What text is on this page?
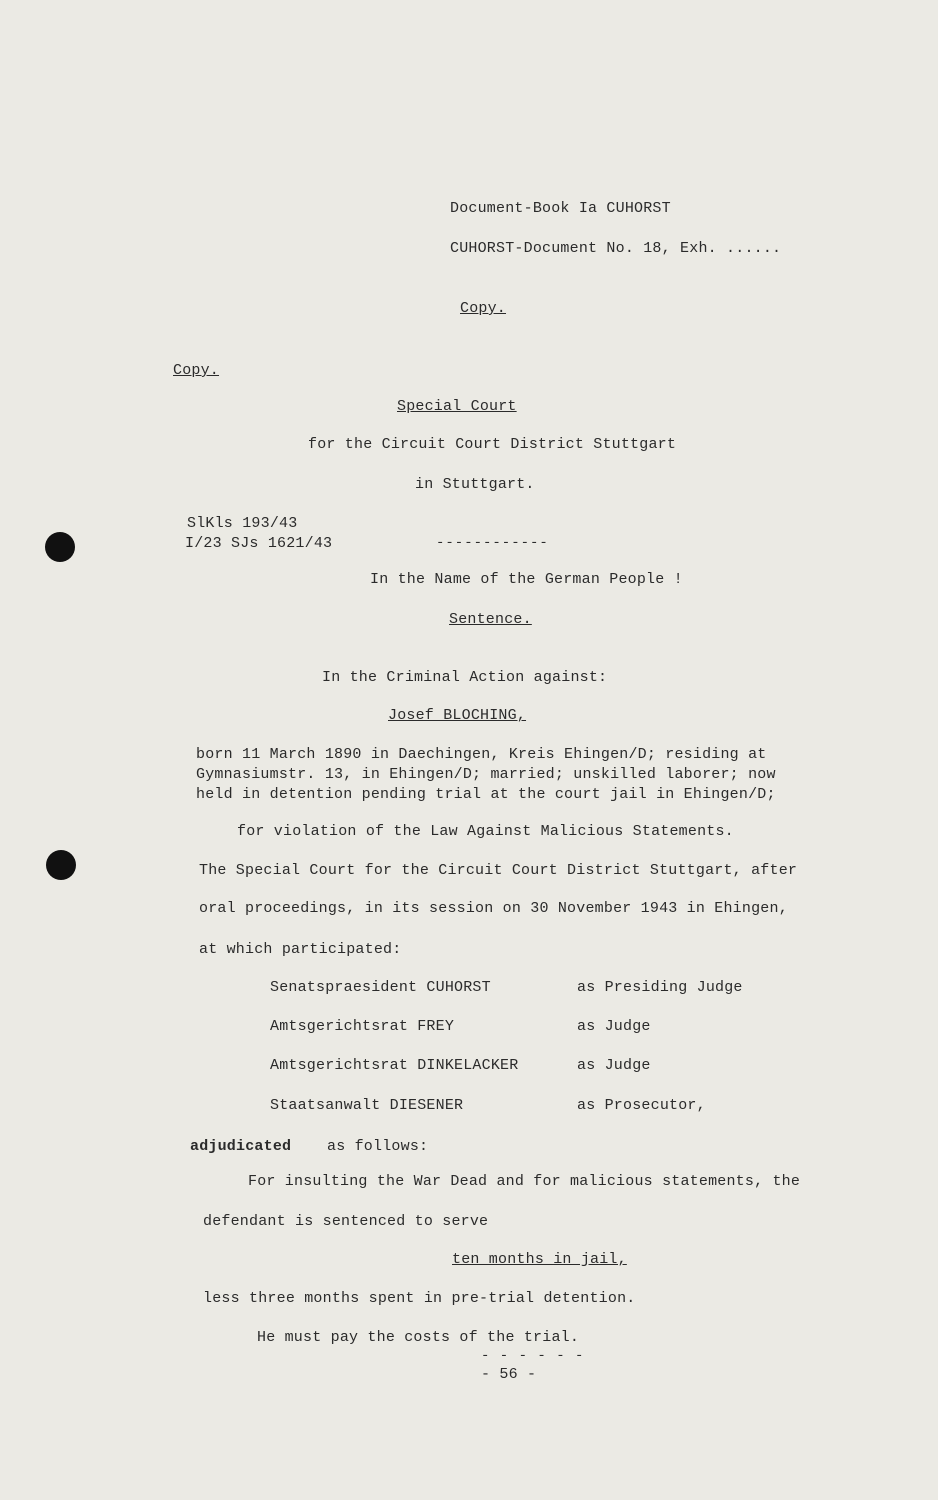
Document-Book Ia CUHORST
CUHORST-Document No. 18, Exh. ......
Copy.
Copy.
Special Court
for the Circuit Court District Stuttgart
in Stuttgart.
SlKls 193/43
I/23 SJs 1621/43	------------
In the Name of the German People !
Sentence.
In the Criminal Action against:
Josef BLOCHING,
born 11 March 1890 in Daechingen, Kreis Ehingen/D; residing at
Gymnasiumstr. 13, in Ehingen/D; married; unskilled laborer; now
held in detention pending trial at the court jail in Ehingen/D;
for violation of the Law Against Malicious Statements.
The Special Court for the Circuit Court District Stuttgart, after
oral proceedings, in its session on 30 November 1943 in Ehingen,
at which participated:
Senatspraesident CUHORST	as Presiding Judge
Amtsgerichtsrat FREY	as Judge
Amtsgerichtsrat DINKELACKER	as Judge
Staatsanwalt DIESENER	as Prosecutor,
adjudicated as follows:
For insulting the War Dead and for malicious statements, the
defendant is sentenced to serve
ten months in jail,
less three months spent in pre-trial detention.
He must pay the costs of the trial.
- - - - - -
- 56 -
